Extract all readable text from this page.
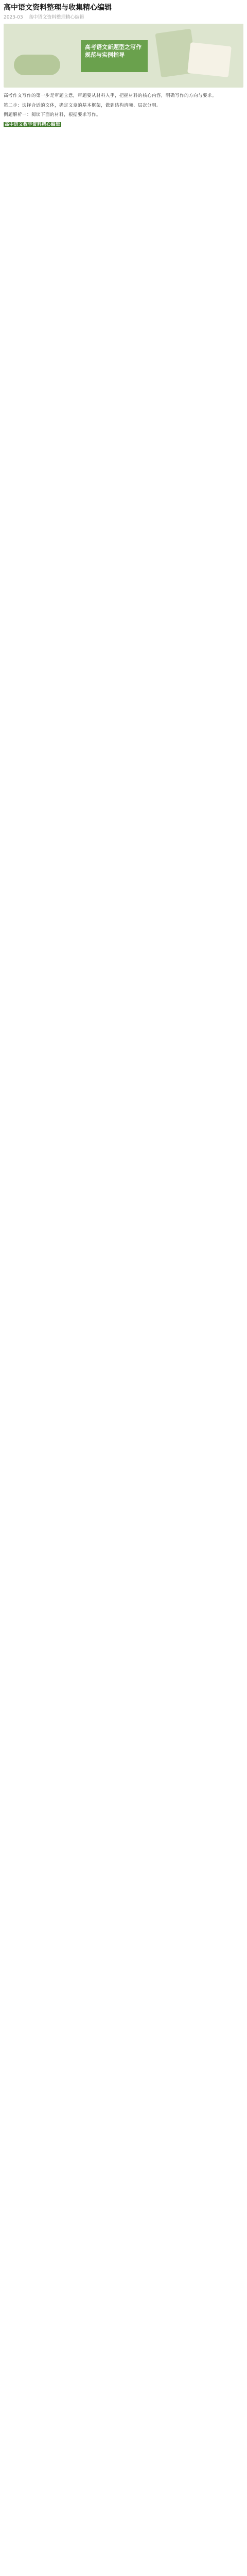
高中语文资料整理与收集精心编辑
2023-03 高中语文资料整理精心编辑
高考语文新题型之写作规范与实例指导

高考作文写作的第一步是审题立意，审题要从材料入手，把握材料的核心内容，明确写作的方向与要求。

第二步：选择合适的文体，确定文章的基本框架，做到结构清晰、层次分明。

例题解析一：阅读下面的材料，根据要求写作。

高中语文教学资料精心编辑
